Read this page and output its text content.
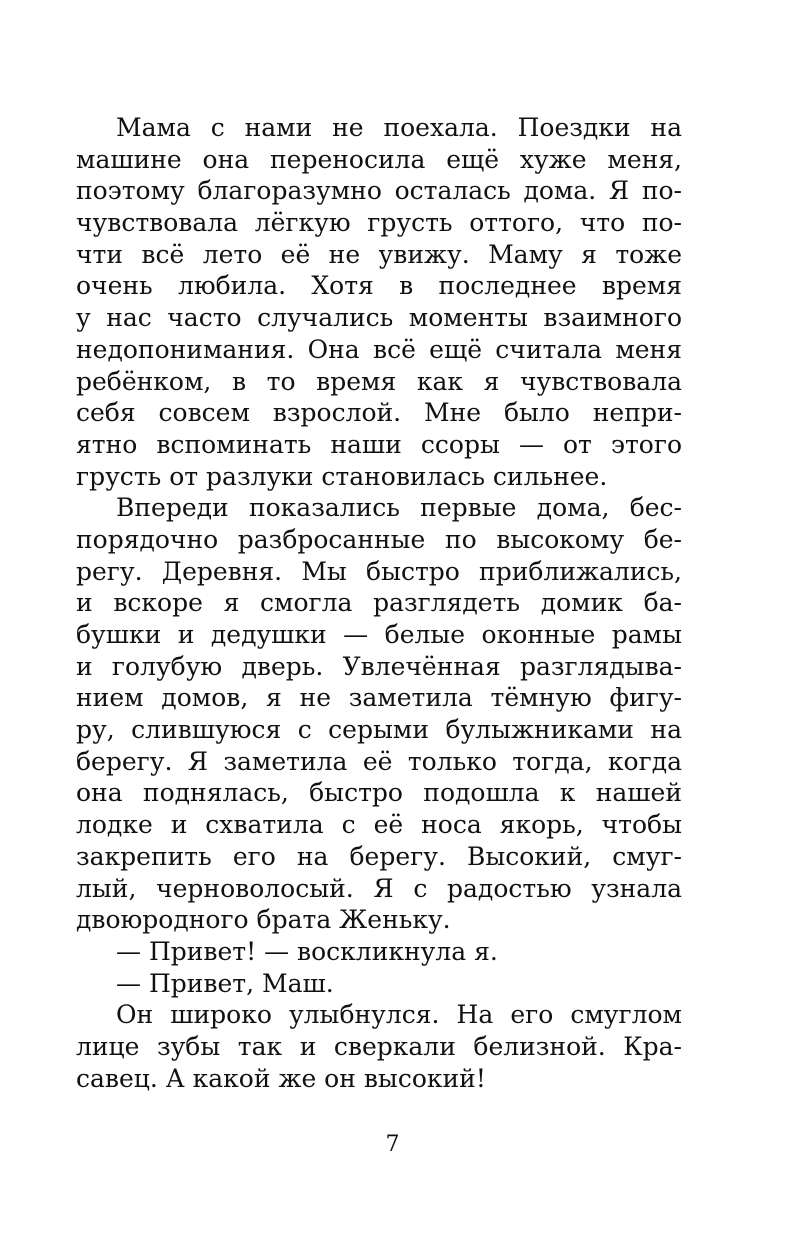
Мама с нами не поехала. Поездки на
машине она переносила ещё хуже меня,
поэтому благоразумно осталась дома. Я по-
чувствовала лёгкую грусть оттого, что по-
чти всё лето её не увижу. Маму я тоже
очень любила. Хотя в последнее время
у нас часто случались моменты взаимного
недопонимания. Она всё ещё считала меня
ребёнком, в то время как я чувствовала
себя совсем взрослой. Мне было непри-
ятно вспоминать наши ссоры — от этого
грусть от разлуки становилась сильнее.
Впереди показались первые дома, бес-
порядочно разбросанные по высокому бе-
регу. Деревня. Мы быстро приближались,
и вскоре я смогла разглядеть домик ба-
бушки и дедушки — белые оконные рамы
и голубую дверь. Увлечённая разглядыва-
нием домов, я не заметила тёмную фигу-
ру, слившуюся с серыми булыжниками на
берегу. Я заметила её только тогда, когда
она поднялась, быстро подошла к нашей
лодке и схватила с её носа якорь, чтобы
закрепить его на берегу. Высокий, смуг-
лый, черноволосый. Я с радостью узнала
двоюродного брата Женьку.
— Привет! — воскликнула я.
— Привет, Маш.
Он широко улыбнулся. На его смуглом
лице зубы так и сверкали белизной. Кра-
савец. А какой же он высокий!
7
